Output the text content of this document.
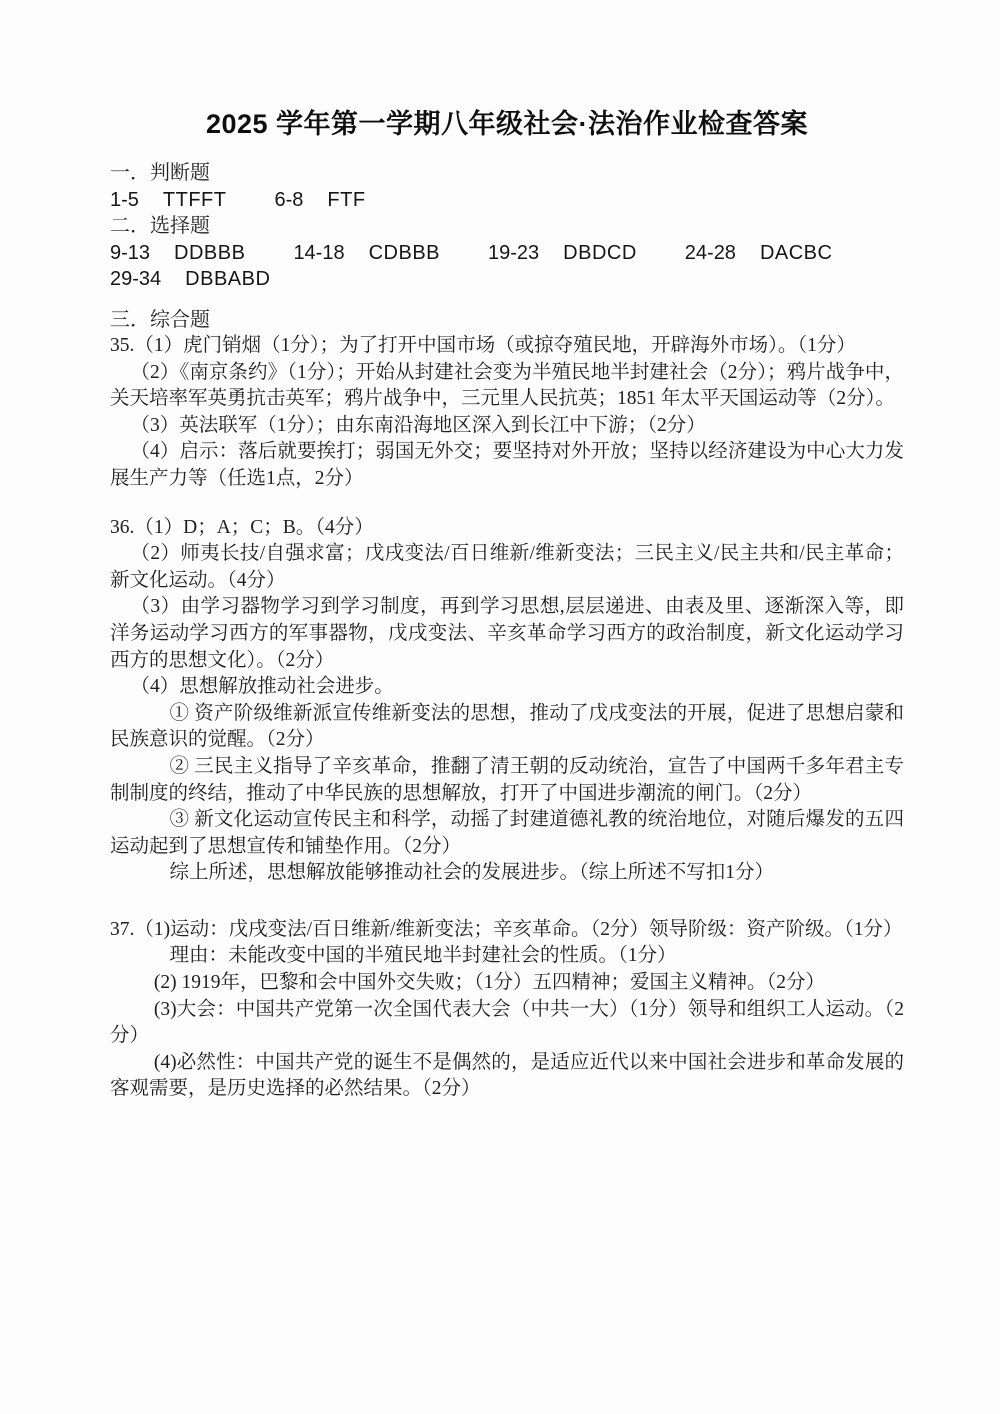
2025 学年第一学期八年级社会·法治作业检查答案
一．判断题
1-5 TTFFT 6-8 FTF
二．选择题
9-13 DDBBB 14-18 CDBBB 19-23 DBDCD 24-28 DACBC
29-34 DBBABD
三．综合题

35.（1）虎门销烟（1分）；为了打开中国市场（或掠夺殖民地，开辟海外市场）。（1分）

（2）《南京条约》（1分）；开始从封建社会变为半殖民地半封建社会（2分）；鸦片战争中，关天培率军英勇抗击英军；鸦片战争中，三元里人民抗英；1851 年太平天国运动等（2分）。

（3）英法联军（1分）；由东南沿海地区深入到长江中下游；（2分）

（4）启示：落后就要挨打；弱国无外交；要坚持对外开放；坚持以经济建设为中心大力发展生产力等（任选1点，2分）

36.（1）D；A；C；B。（4分）

（2）师夷长技/自强求富；戊戌变法/百日维新/维新变法；三民主义/民主共和/民主革命；新文化运动。（4分）

（3）由学习器物学习到学习制度，再到学习思想,层层递进、由表及里、逐渐深入等，即洋务运动学习西方的军事器物，戊戌变法、辛亥革命学习西方的政治制度，新文化运动学习西方的思想文化）。（2分）

（4）思想解放推动社会进步。

① 资产阶级维新派宣传维新变法的思想，推动了戊戌变法的开展，促进了思想启蒙和民族意识的觉醒。（2分）

② 三民主义指导了辛亥革命，推翻了清王朝的反动统治，宣告了中国两千多年君主专制制度的终结，推动了中华民族的思想解放，打开了中国进步潮流的闸门。（2分）

③ 新文化运动宣传民主和科学，动摇了封建道德礼教的统治地位，对随后爆发的五四运动起到了思想宣传和铺垫作用。（2分）

综上所述，思想解放能够推动社会的发展进步。（综上所述不写扣1分）

37.（1)运动：戊戌变法/百日维新/维新变法；辛亥革命。（2分）领导阶级：资产阶级。（1分）

理由：未能改变中国的半殖民地半封建社会的性质。（1分）

(2) 1919年，巴黎和会中国外交失败；（1分）五四精神；爱国主义精神。（2分）

(3)大会：中国共产党第一次全国代表大会（中共一大）（1分）领导和组织工人运动。（2分）

(4)必然性：中国共产党的诞生不是偶然的，是适应近代以来中国社会进步和革命发展的客观需要，是历史选择的必然结果。（2分）
